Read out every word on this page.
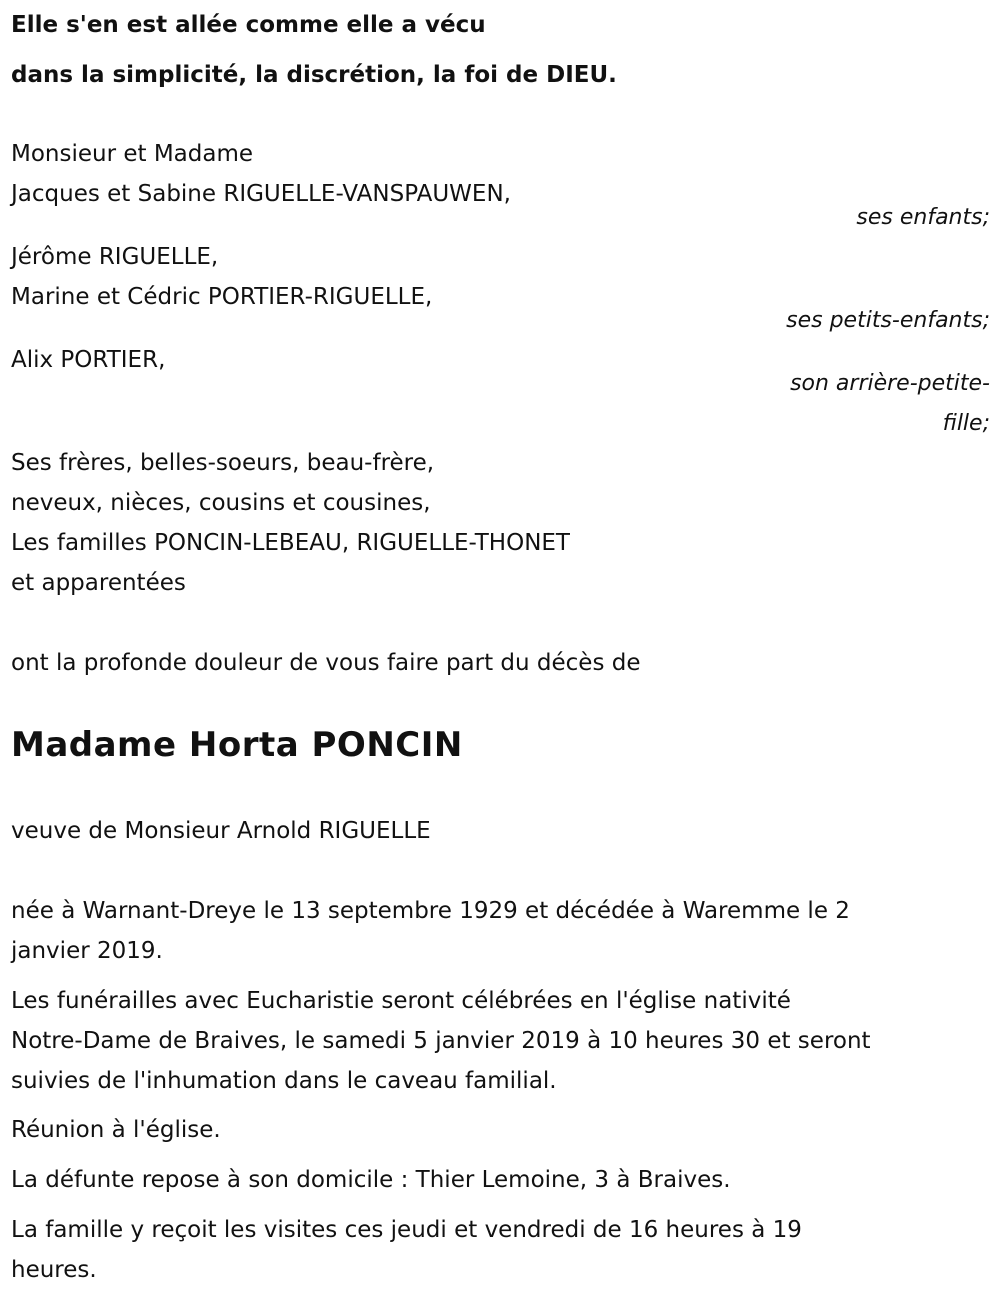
Elle s'en est allée comme elle a vécu

dans la simplicité, la discrétion, la foi de DIEU.

Monsieur et Madame

Jacques et Sabine RIGUELLE-VANSPAUWEN,

ses enfants;

Jérôme RIGUELLE,

Marine et Cédric PORTIER-RIGUELLE,

ses petits-enfants;

Alix PORTIER,

son arrière-petite-

fille;

Ses frères, belles-soeurs, beau-frère,

neveux, nièces, cousins et cousines,

Les familles PONCIN-LEBEAU, RIGUELLE-THONET

et apparentées

ont la profonde douleur de vous faire part du décès de

Madame Horta PONCIN

veuve de Monsieur Arnold RIGUELLE

née à Warnant-Dreye le 13 septembre 1929 et décédée à Waremme le 2

janvier 2019.

Les funérailles avec Eucharistie seront célébrées en l'église nativité

Notre-Dame de Braives, le samedi 5 janvier 2019 à 10 heures 30 et seront

suivies de l'inhumation dans le caveau familial.

Réunion à l'église.

La défunte repose à son domicile : Thier Lemoine, 3 à Braives.

La famille y reçoit les visites ces jeudi et vendredi de 16 heures à 19

heures.
